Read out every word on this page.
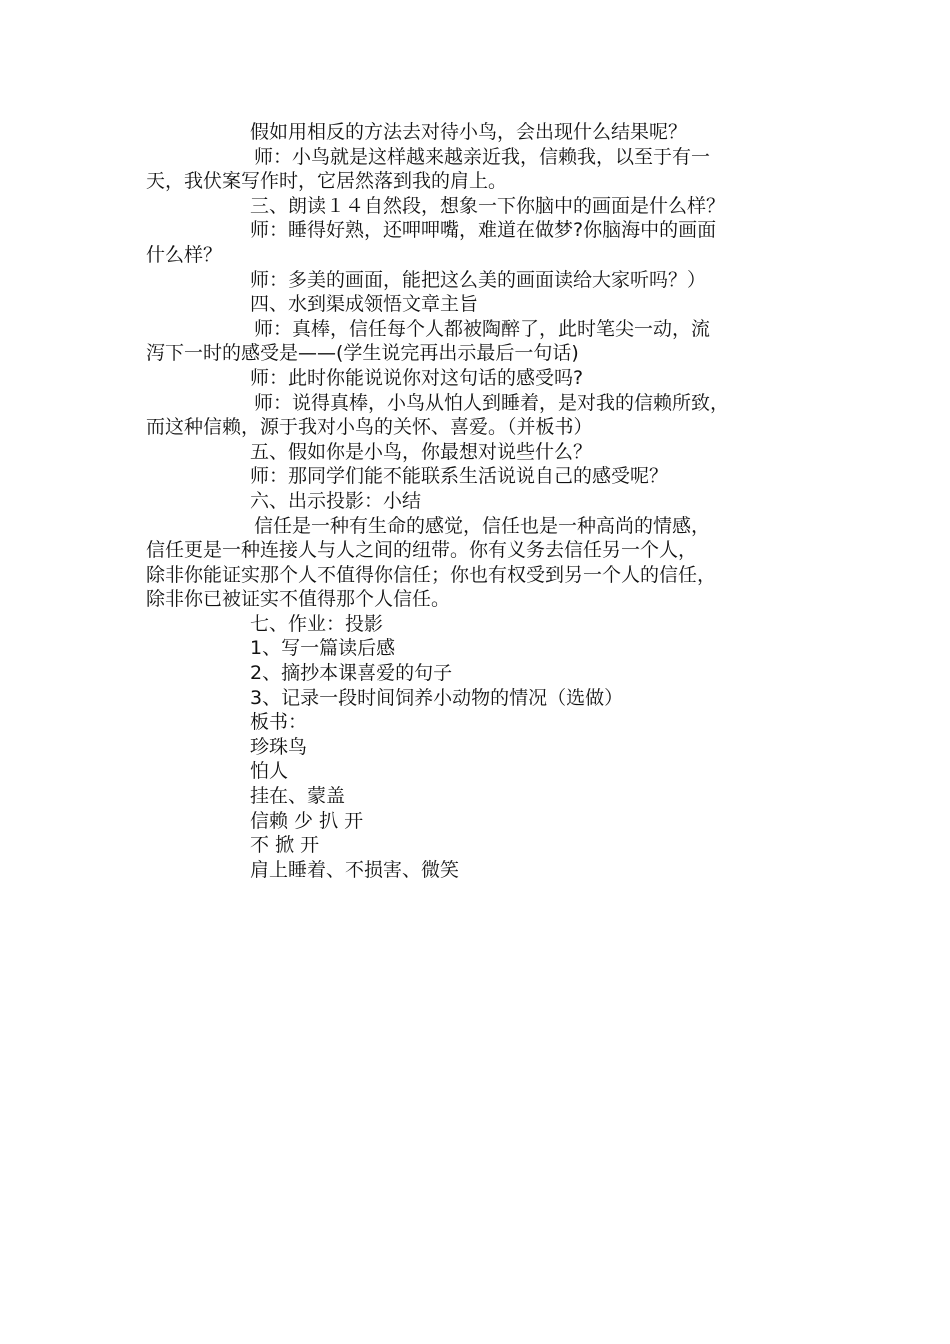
假如用相反的方法去对待小鸟，会出现什么结果呢？
师：小鸟就是这样越来越亲近我，信赖我，以至于有一
天，我伏案写作时，它居然落到我的肩上。
三、朗读１４自然段，想象一下你脑中的画面是什么样？
师：睡得好熟，还呷呷嘴，难道在做梦?你脑海中的画面
什么样？
师：多美的画面，能把这么美的画面读给大家听吗？）
四、水到渠成领悟文章主旨
师：真棒，信任每个人都被陶醉了，此时笔尖一动，流
泻下一时的感受是——(学生说完再出示最后一句话)
师：此时你能说说你对这句话的感受吗?
师：说得真棒，小鸟从怕人到睡着，是对我的信赖所致，
而这种信赖，源于我对小鸟的关怀、喜爱。（并板书）
五、假如你是小鸟，你最想对说些什么？
师：那同学们能不能联系生活说说自己的感受呢？
六、出示投影：小结
信任是一种有生命的感觉，信任也是一种高尚的情感，
信任更是一种连接人与人之间的纽带。你有义务去信任另一个人，
除非你能证实那个人不值得你信任；你也有权受到另一个人的信任，
除非你已被证实不值得那个人信任。
七、作业：投影
1、写一篇读后感
2、摘抄本课喜爱的句子
3、记录一段时间饲养小动物的情况（选做）
板书：
珍珠鸟
怕人
挂在、蒙盖
信赖 少 扒 开
不 掀 开
肩上睡着、不损害、微笑
